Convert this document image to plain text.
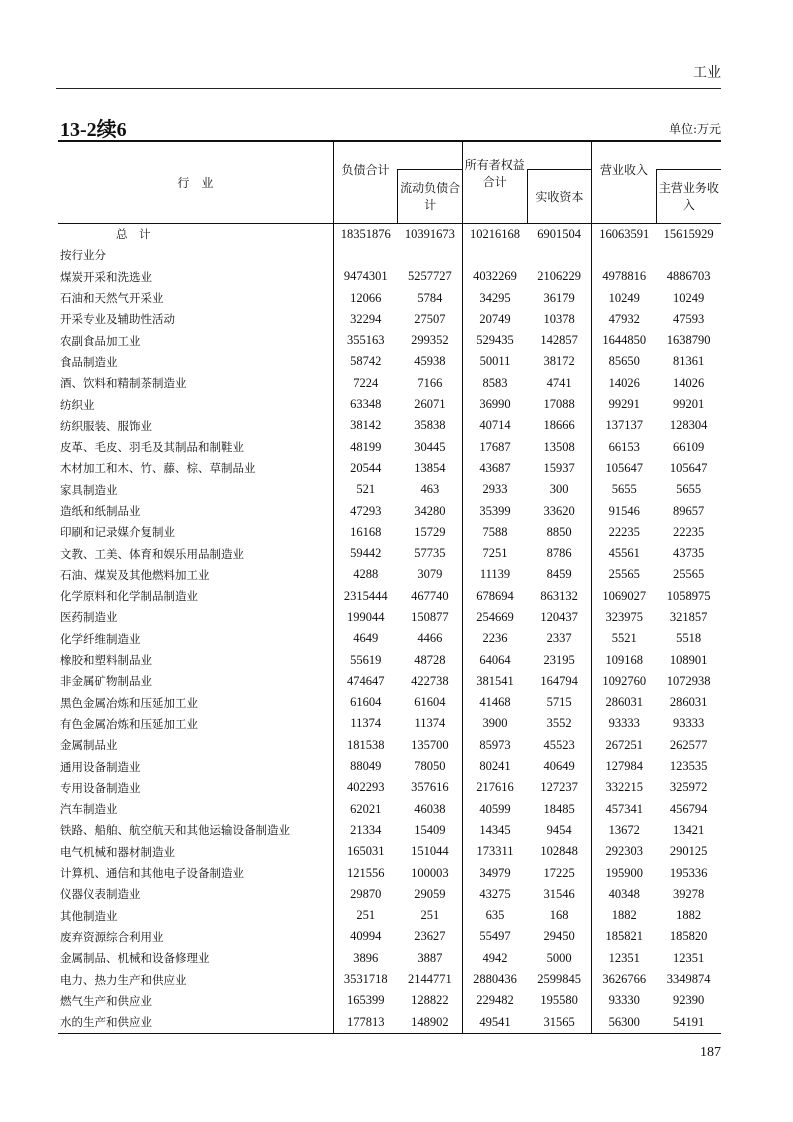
工业
13-2续6	单位:万元
行　业	负债合计		所有者权益合计		营业收入	
		流动负债合计		实收资本		主营业务收入
总　计	18351876	10391673	10216168	6901504	16063591	15615929
按行业分						
煤炭开采和洗选业	9474301	5257727	4032269	2106229	4978816	4886703
石油和天然气开采业	12066	5784	34295	36179	10249	10249
开采专业及辅助性活动	32294	27507	20749	10378	47932	47593
农副食品加工业	355163	299352	529435	142857	1644850	1638790
食品制造业	58742	45938	50011	38172	85650	81361
酒、饮料和精制茶制造业	7224	7166	8583	4741	14026	14026
纺织业	63348	26071	36990	17088	99291	99201
纺织服装、服饰业	38142	35838	40714	18666	137137	128304
皮革、毛皮、羽毛及其制品和制鞋业	48199	30445	17687	13508	66153	66109
木材加工和木、竹、藤、棕、草制品业	20544	13854	43687	15937	105647	105647
家具制造业	521	463	2933	300	5655	5655
造纸和纸制品业	47293	34280	35399	33620	91546	89657
印刷和记录媒介复制业	16168	15729	7588	8850	22235	22235
文教、工美、体育和娱乐用品制造业	59442	57735	7251	8786	45561	43735
石油、煤炭及其他燃料加工业	4288	3079	11139	8459	25565	25565
化学原料和化学制品制造业	2315444	467740	678694	863132	1069027	1058975
医药制造业	199044	150877	254669	120437	323975	321857
化学纤维制造业	4649	4466	2236	2337	5521	5518
橡胶和塑料制品业	55619	48728	64064	23195	109168	108901
非金属矿物制品业	474647	422738	381541	164794	1092760	1072938
黑色金属冶炼和压延加工业	61604	61604	41468	5715	286031	286031
有色金属冶炼和压延加工业	11374	11374	3900	3552	93333	93333
金属制品业	181538	135700	85973	45523	267251	262577
通用设备制造业	88049	78050	80241	40649	127984	123535
专用设备制造业	402293	357616	217616	127237	332215	325972
汽车制造业	62021	46038	40599	18485	457341	456794
铁路、船舶、航空航天和其他运输设备制造业	21334	15409	14345	9454	13672	13421
电气机械和器材制造业	165031	151044	173311	102848	292303	290125
计算机、通信和其他电子设备制造业	121556	100003	34979	17225	195900	195336
仪器仪表制造业	29870	29059	43275	31546	40348	39278
其他制造业	251	251	635	168	1882	1882
废弃资源综合利用业	40994	23627	55497	29450	185821	185820
金属制品、机械和设备修理业	3896	3887	4942	5000	12351	12351
电力、热力生产和供应业	3531718	2144771	2880436	2599845	3626766	3349874
燃气生产和供应业	165399	128822	229482	195580	93330	92390
水的生产和供应业	177813	148902	49541	31565	56300	54191
187
